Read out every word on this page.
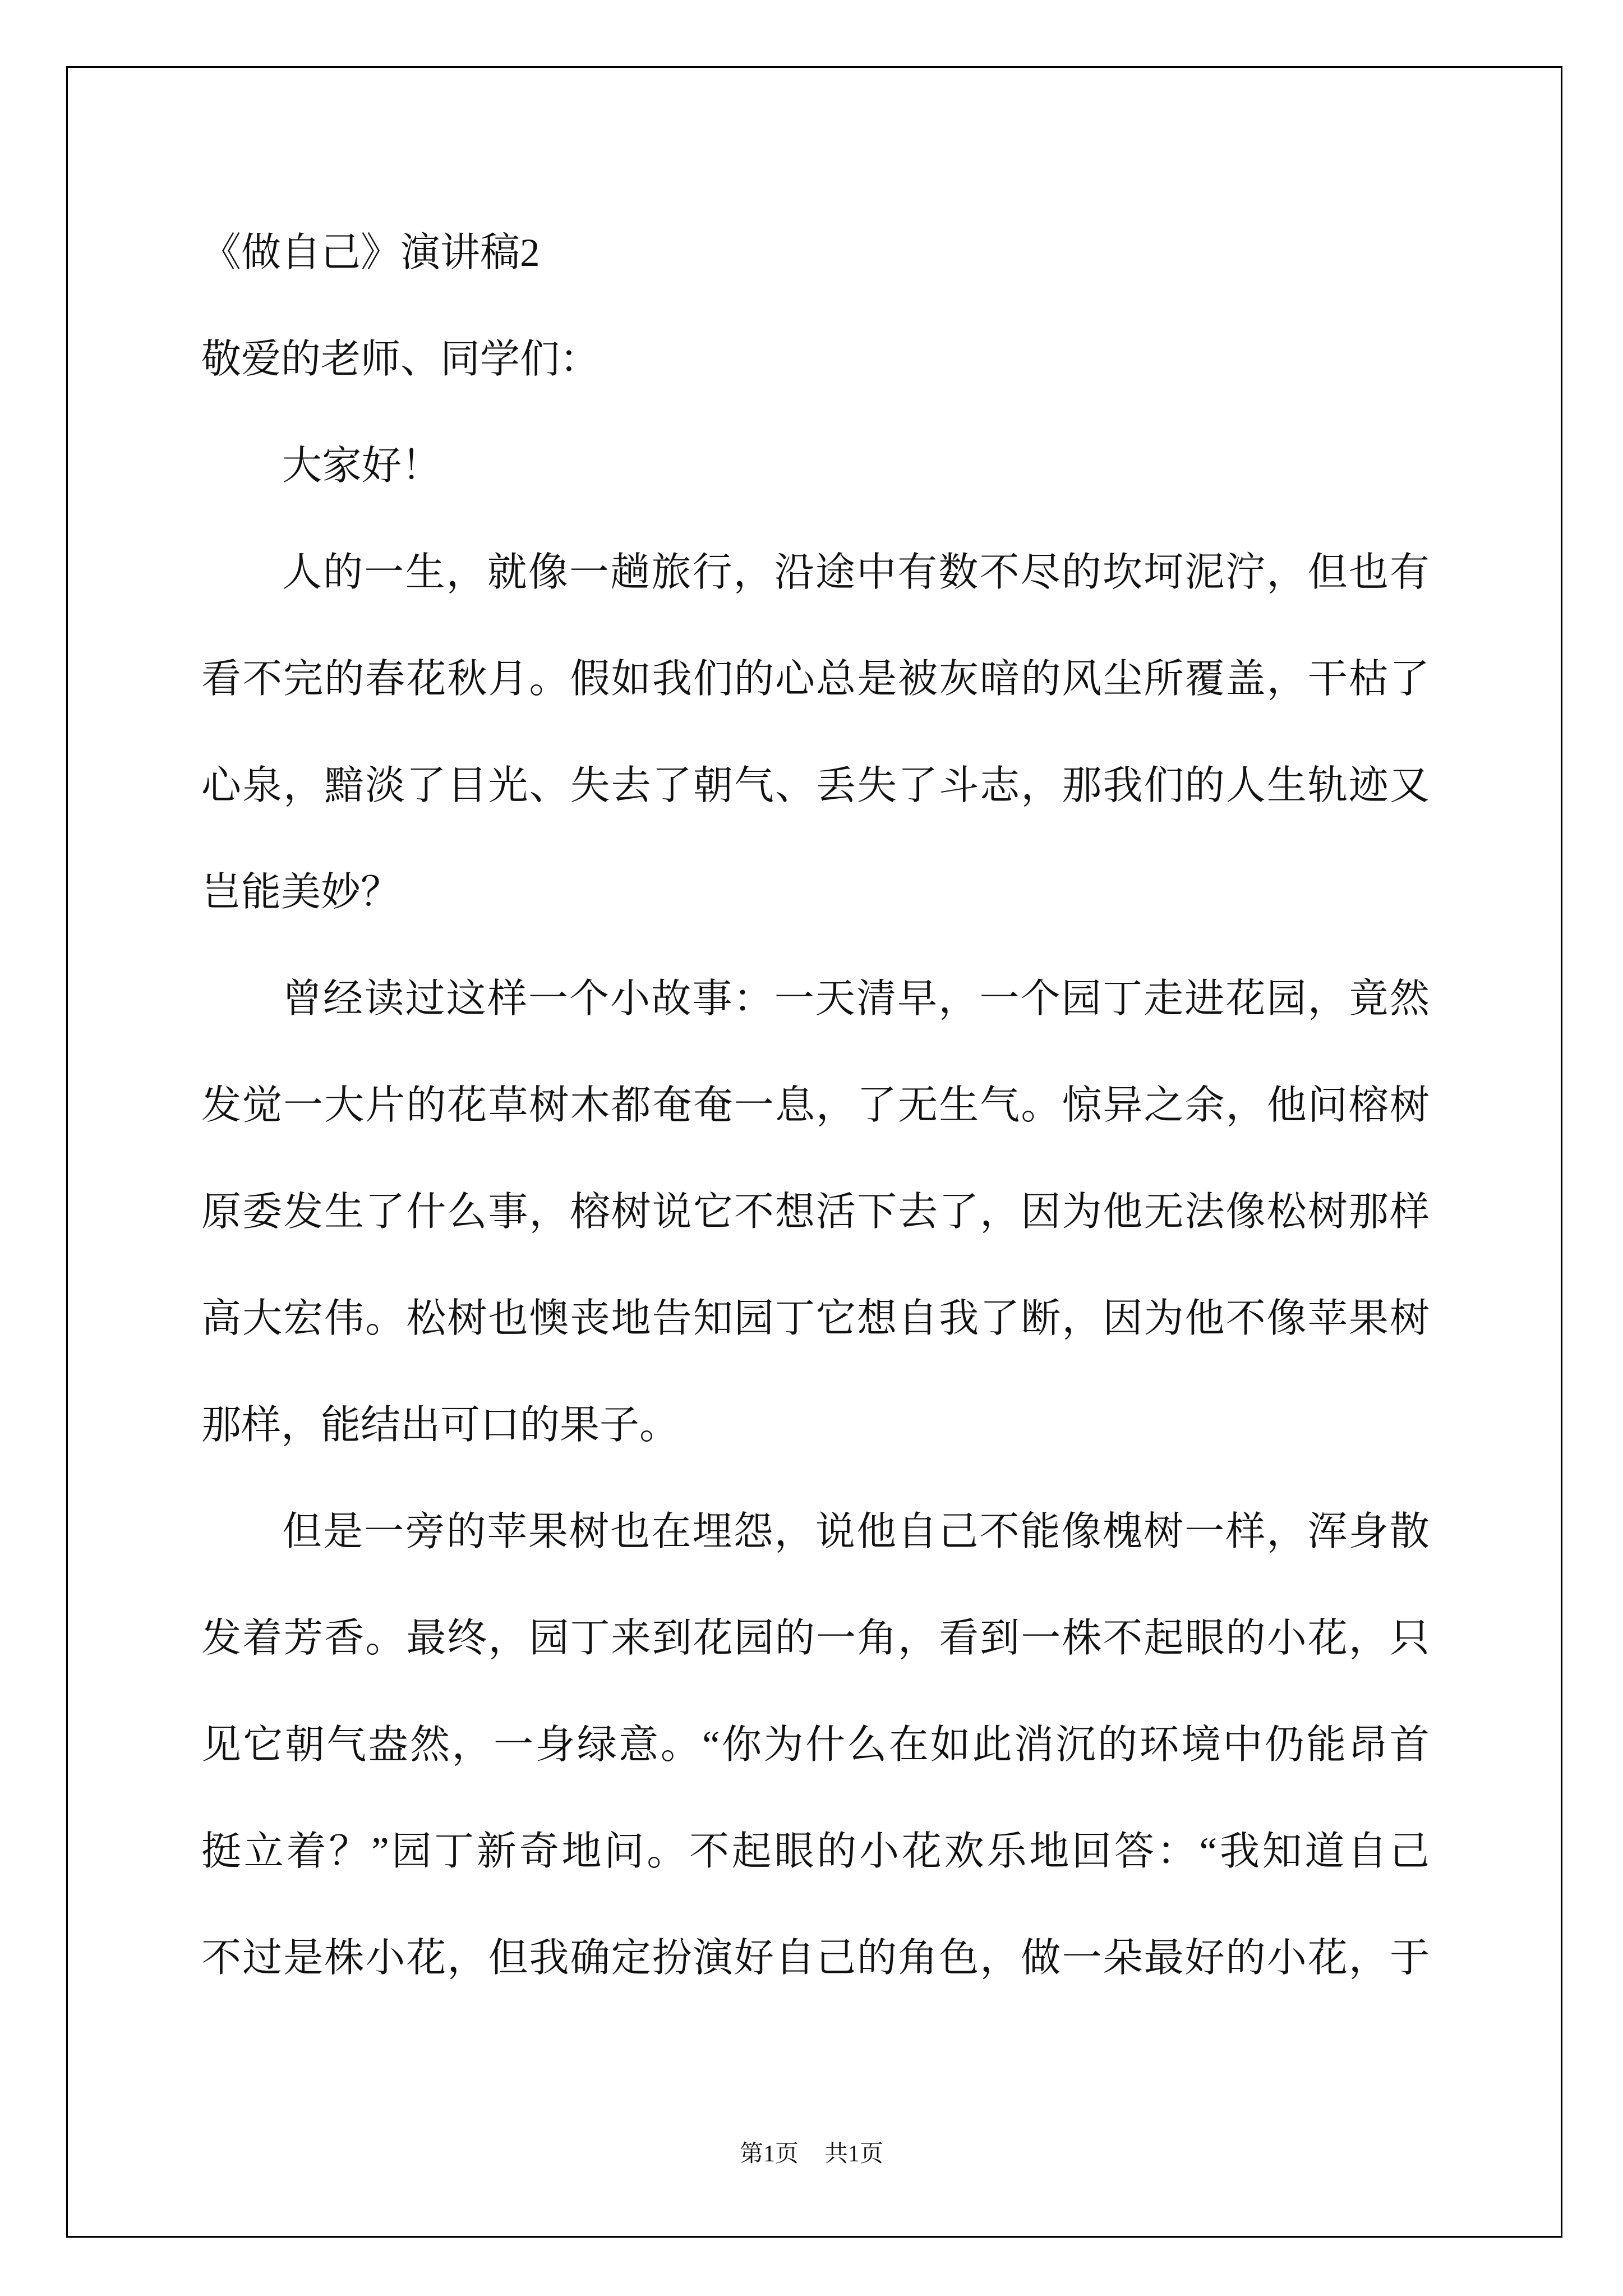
《做自己》演讲稿2
敬爱的老师、同学们：
大家好！
人的一生，就像一趟旅行，沿途中有数不尽的坎坷泥泞，但也有
看不完的春花秋月。假如我们的心总是被灰暗的风尘所覆盖，干枯了
心泉，黯淡了目光、失去了朝气、丢失了斗志，那我们的人生轨迹又
岂能美妙？
曾经读过这样一个小故事：一天清早，一个园丁走进花园，竟然
发觉一大片的花草树木都奄奄一息，了无生气。惊异之余，他问榕树
原委发生了什么事，榕树说它不想活下去了，因为他无法像松树那样
高大宏伟。松树也懊丧地告知园丁它想自我了断，因为他不像苹果树
那样，能结出可口的果子。
但是一旁的苹果树也在埋怨，说他自己不能像槐树一样，浑身散
发着芳香。最终，园丁来到花园的一角，看到一株不起眼的小花，只
见它朝气盎然，一身绿意。“你为什么在如此消沉的环境中仍能昂首
挺立着？”园丁新奇地问。不起眼的小花欢乐地回答：“我知道自己
不过是株小花，但我确定扮演好自己的角色，做一朵最好的小花，于
第1页 共1页
